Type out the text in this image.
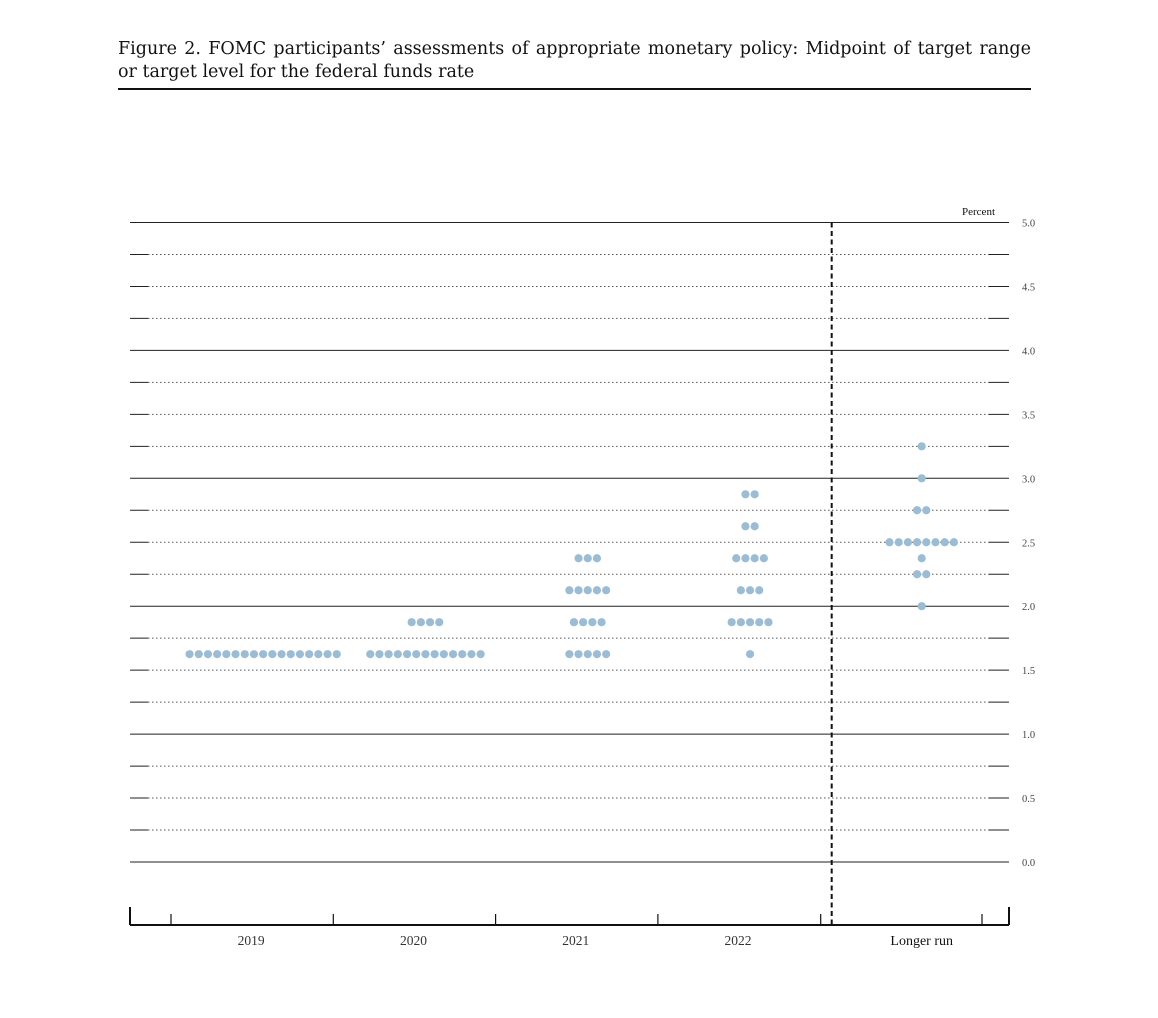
Figure 2. FOMC participants’ assessments of appropriate monetary policy: Midpoint of target range or target level for the federal funds rate
5.0
4.5
4.0
3.5
3.0
2.5
2.0
1.5
1.0
0.5
0.0
2019	2020	2021	2022	Longer run
Percent
